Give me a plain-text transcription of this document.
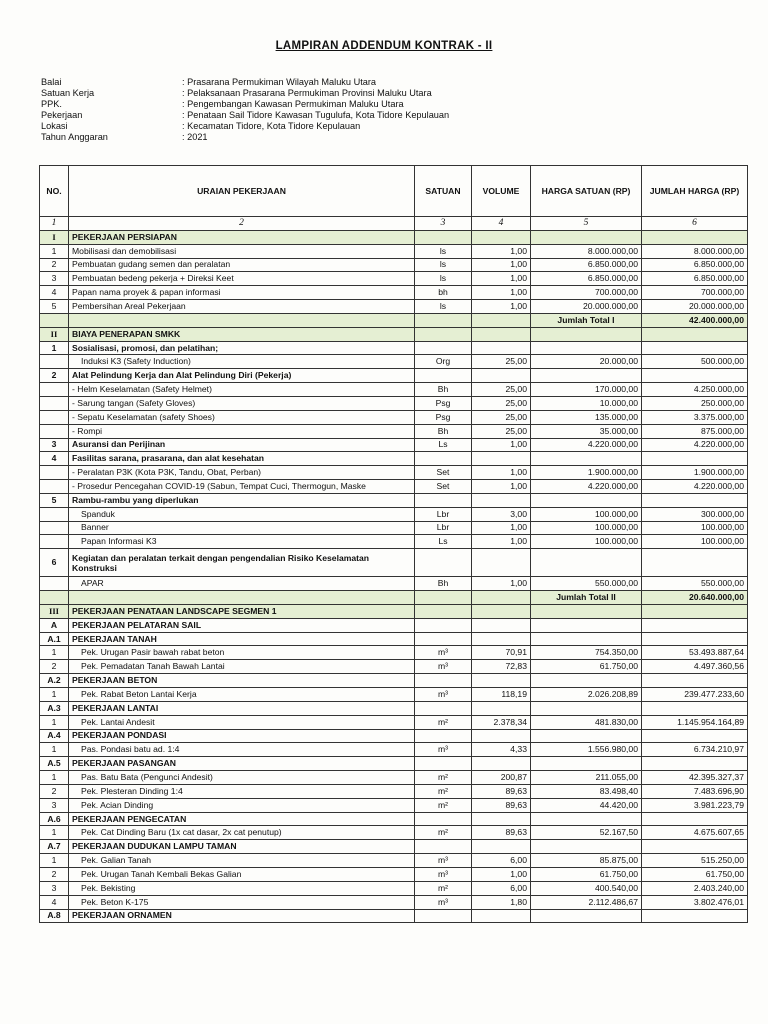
LAMPIRAN ADDENDUM KONTRAK - II
Balai	: Prasarana Permukiman Wilayah Maluku Utara
Satuan Kerja	: Pelaksanaan Prasarana Permukiman Provinsi Maluku Utara
PPK.	: Pengembangan Kawasan Permukiman Maluku Utara
Pekerjaan	: Penataan Sail Tidore Kawasan Tugulufa, Kota Tidore Kepulauan
Lokasi	: Kecamatan Tidore, Kota Tidore Kepulauan
Tahun Anggaran	: 2021
NO.	URAIAN PEKERJAAN	SATUAN	VOLUME	HARGA SATUAN (RP)	JUMLAH HARGA (RP)
1	2	3	4	5	6
I	PEKERJAAN PERSIAPAN				
1	Mobilisasi dan demobilisasi	ls	1,00	8.000.000,00	8.000.000,00
2	Pembuatan gudang semen dan peralatan	ls	1,00	6.850.000,00	6.850.000,00
3	Pembuatan bedeng pekerja + Direksi Keet	ls	1,00	6.850.000,00	6.850.000,00
4	Papan nama proyek & papan informasi	bh	1,00	700.000,00	700.000,00
5	Pembersihan Areal Pekerjaan	ls	1,00	20.000.000,00	20.000.000,00
				Jumlah Total I	42.400.000,00
II	BIAYA PENERAPAN SMKK				
1	Sosialisasi, promosi, dan pelatihan;				
	Induksi K3 (Safety Induction)	Org	25,00	20.000,00	500.000,00
2	Alat Pelindung Kerja dan Alat Pelindung Diri (Pekerja)				
	- Helm Keselamatan (Safety Helmet)	Bh	25,00	170.000,00	4.250.000,00
	- Sarung tangan (Safety Gloves)	Psg	25,00	10.000,00	250.000,00
	- Sepatu Keselamatan (safety Shoes)	Psg	25,00	135.000,00	3.375.000,00
	- Rompi	Bh	25,00	35.000,00	875.000,00
3	Asuransi dan Perijinan	Ls	1,00	4.220.000,00	4.220.000,00
4	Fasilitas sarana, prasarana, dan alat kesehatan				
	- Peralatan P3K (Kota P3K, Tandu, Obat, Perban)	Set	1,00	1.900.000,00	1.900.000,00
	- Prosedur Pencegahan COVID-19 (Sabun, Tempat Cuci, Thermogun, Maske	Set	1,00	4.220.000,00	4.220.000,00
5	Rambu-rambu yang diperlukan				
	Spanduk	Lbr	3,00	100.000,00	300.000,00
	Banner	Lbr	1,00	100.000,00	100.000,00
	Papan Informasi K3	Ls	1,00	100.000,00	100.000,00
6	Kegiatan dan peralatan terkait dengan pengendalian Risiko Keselamatan Konstruksi				
	APAR	Bh	1,00	550.000,00	550.000,00
				Jumlah Total II	20.640.000,00
III	PEKERJAAN PENATAAN LANDSCAPE SEGMEN 1				
A	PEKERJAAN PELATARAN SAIL				
A.1	PEKERJAAN TANAH				
1	Pek. Urugan Pasir bawah rabat beton	m³	70,91	754.350,00	53.493.887,64
2	Pek. Pemadatan Tanah Bawah Lantai	m³	72,83	61.750,00	4.497.360,56
A.2	PEKERJAAN BETON				
1	Pek. Rabat Beton Lantai Kerja	m³	118,19	2.026.208,89	239.477.233,60
A.3	PEKERJAAN LANTAI				
1	Pek. Lantai Andesit	m²	2.378,34	481.830,00	1.145.954.164,89
A.4	PEKERJAAN PONDASI				
1	Pas. Pondasi batu ad. 1:4	m³	4,33	1.556.980,00	6.734.210,97
A.5	PEKERJAAN PASANGAN				
1	Pas. Batu Bata (Pengunci Andesit)	m²	200,87	211.055,00	42.395.327,37
2	Pek. Plesteran Dinding 1:4	m²	89,63	83.498,40	7.483.696,90
3	Pek. Acian Dinding	m²	89,63	44.420,00	3.981.223,79
A.6	PEKERJAAN PENGECATAN				
1	Pek. Cat Dinding Baru (1x cat dasar, 2x cat penutup)	m²	89,63	52.167,50	4.675.607,65
A.7	PEKERJAAN DUDUKAN LAMPU TAMAN				
1	Pek. Galian Tanah	m³	6,00	85.875,00	515.250,00
2	Pek. Urugan Tanah Kembali Bekas Galian	m³	1,00	61.750,00	61.750,00
3	Pek. Bekisting	m²	6,00	400.540,00	2.403.240,00
4	Pek. Beton K-175	m³	1,80	2.112.486,67	3.802.476,01
A.8	PEKERJAAN ORNAMEN				
